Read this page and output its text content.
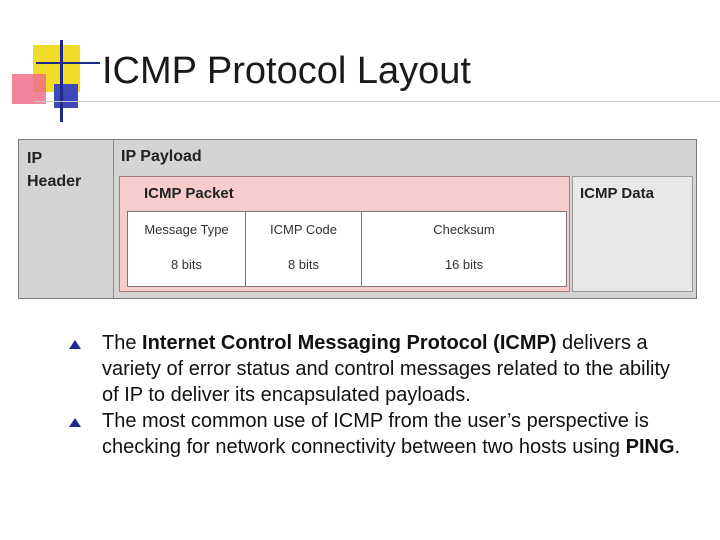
ICMP Protocol Layout
IP
Header
IP Payload
ICMP Packet
Message Type
8 bits
ICMP Code
8 bits
Checksum
16 bits
ICMP Data
The Internet Control Messaging Protocol (ICMP) delivers a variety of error status and control messages related to the ability of IP to deliver its encapsulated payloads.
The most common use of ICMP from the user’s perspective is checking for network connectivity between two hosts using PING.
